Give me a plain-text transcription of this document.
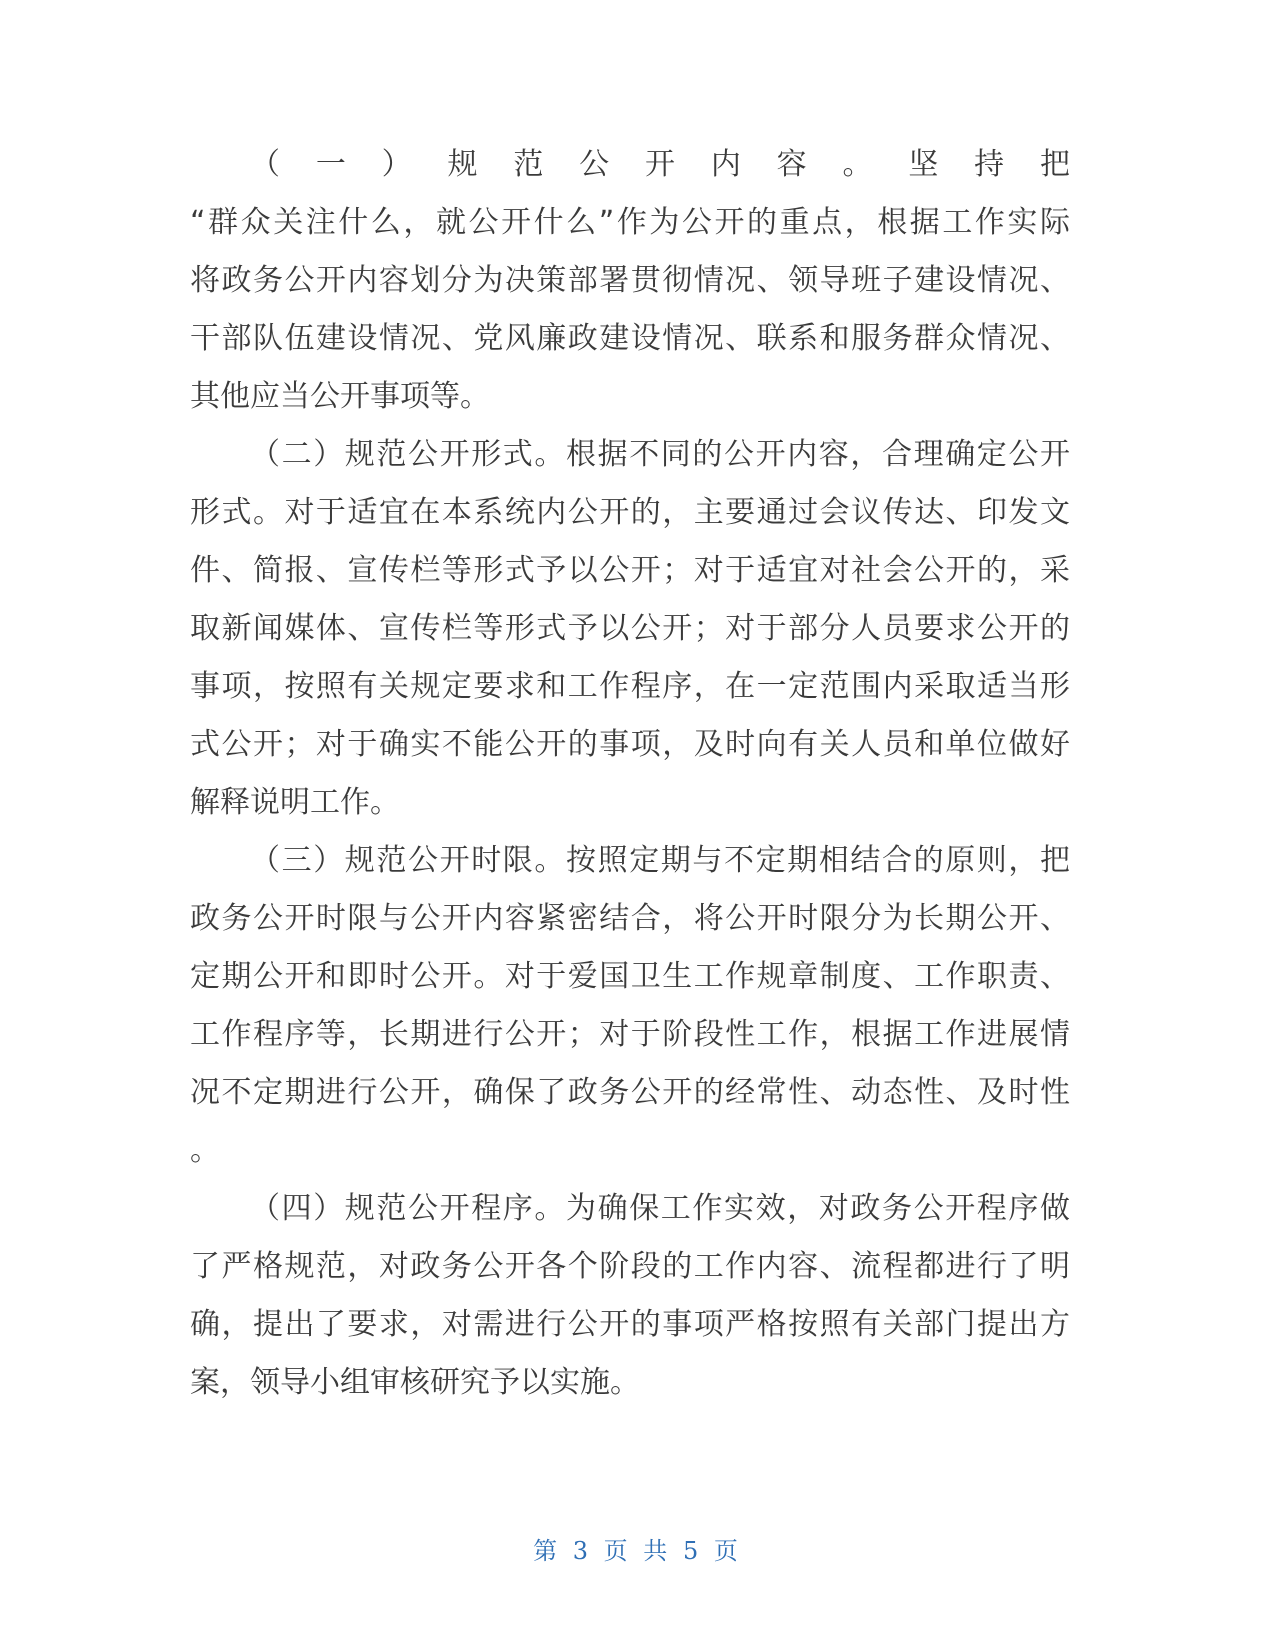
（一）规范公开内容。坚持把
“群众关注什么，就公开什么”作为公开的重点，根据工作实际
将政务公开内容划分为决策部署贯彻情况、领导班子建设情况、
干部队伍建设情况、党风廉政建设情况、联系和服务群众情况、
其他应当公开事项等。
（二）规范公开形式。根据不同的公开内容，合理确定公开
形式。对于适宜在本系统内公开的，主要通过会议传达、印发文
件、简报、宣传栏等形式予以公开；对于适宜对社会公开的，采
取新闻媒体、宣传栏等形式予以公开；对于部分人员要求公开的
事项，按照有关规定要求和工作程序，在一定范围内采取适当形
式公开；对于确实不能公开的事项，及时向有关人员和单位做好
解释说明工作。
（三）规范公开时限。按照定期与不定期相结合的原则，把
政务公开时限与公开内容紧密结合，将公开时限分为长期公开、
定期公开和即时公开。对于爱国卫生工作规章制度、工作职责、
工作程序等，长期进行公开；对于阶段性工作，根据工作进展情
况不定期进行公开，确保了政务公开的经常性、动态性、及时性
。
（四）规范公开程序。为确保工作实效，对政务公开程序做
了严格规范，对政务公开各个阶段的工作内容、流程都进行了明
确，提出了要求，对需进行公开的事项严格按照有关部门提出方
案，领导小组审核研究予以实施。
第 3 页 共 5 页
